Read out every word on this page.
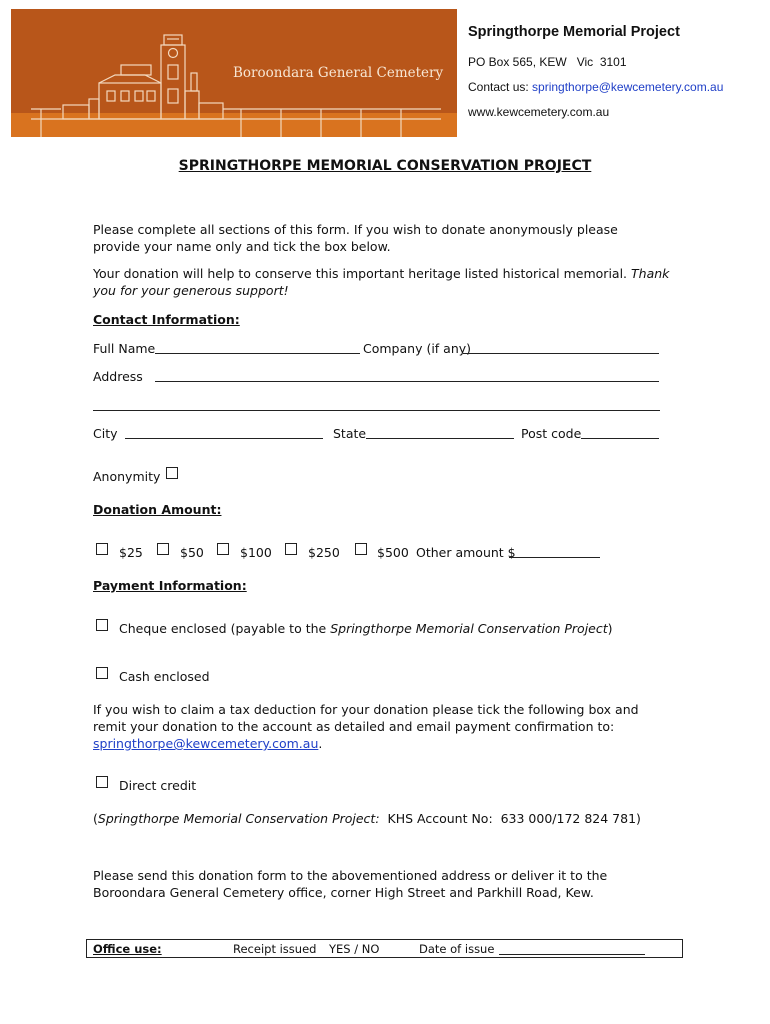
Boroondara General Cemetery
Springthorpe Memorial Project
PO Box 565, KEW   Vic  3101
Contact us: springthorpe@kewcemetery.com.au
www.kewcemetery.com.au
SPRINGTHORPE MEMORIAL CONSERVATION PROJECT
Please complete all sections of this form. If you wish to donate anonymously please provide your name only and tick the box below.
Your donation will help to conserve this important heritage listed historical memorial. Thank you for your generous support!
Contact Information:
Full Name	Company (if any)
Address
City	State	Post code
Anonymity
Donation Amount:
$25	$50	$100	$250	$500 Other amount $
Payment Information:
Cheque enclosed (payable to the Springthorpe Memorial Conservation Project)
Cash enclosed
If you wish to claim a tax deduction for your donation please tick the following box and remit your donation to the account as detailed and email payment confirmation to: springthorpe@kewcemetery.com.au.
Direct credit
(Springthorpe Memorial Conservation Project:  KHS Account No:  633 000/172 824 781)
Please send this donation form to the abovementioned address or deliver it to the Boroondara General Cemetery office, corner High Street and Parkhill Road, Kew.
Office use:	Receipt issued YES / NO	Date of issue
